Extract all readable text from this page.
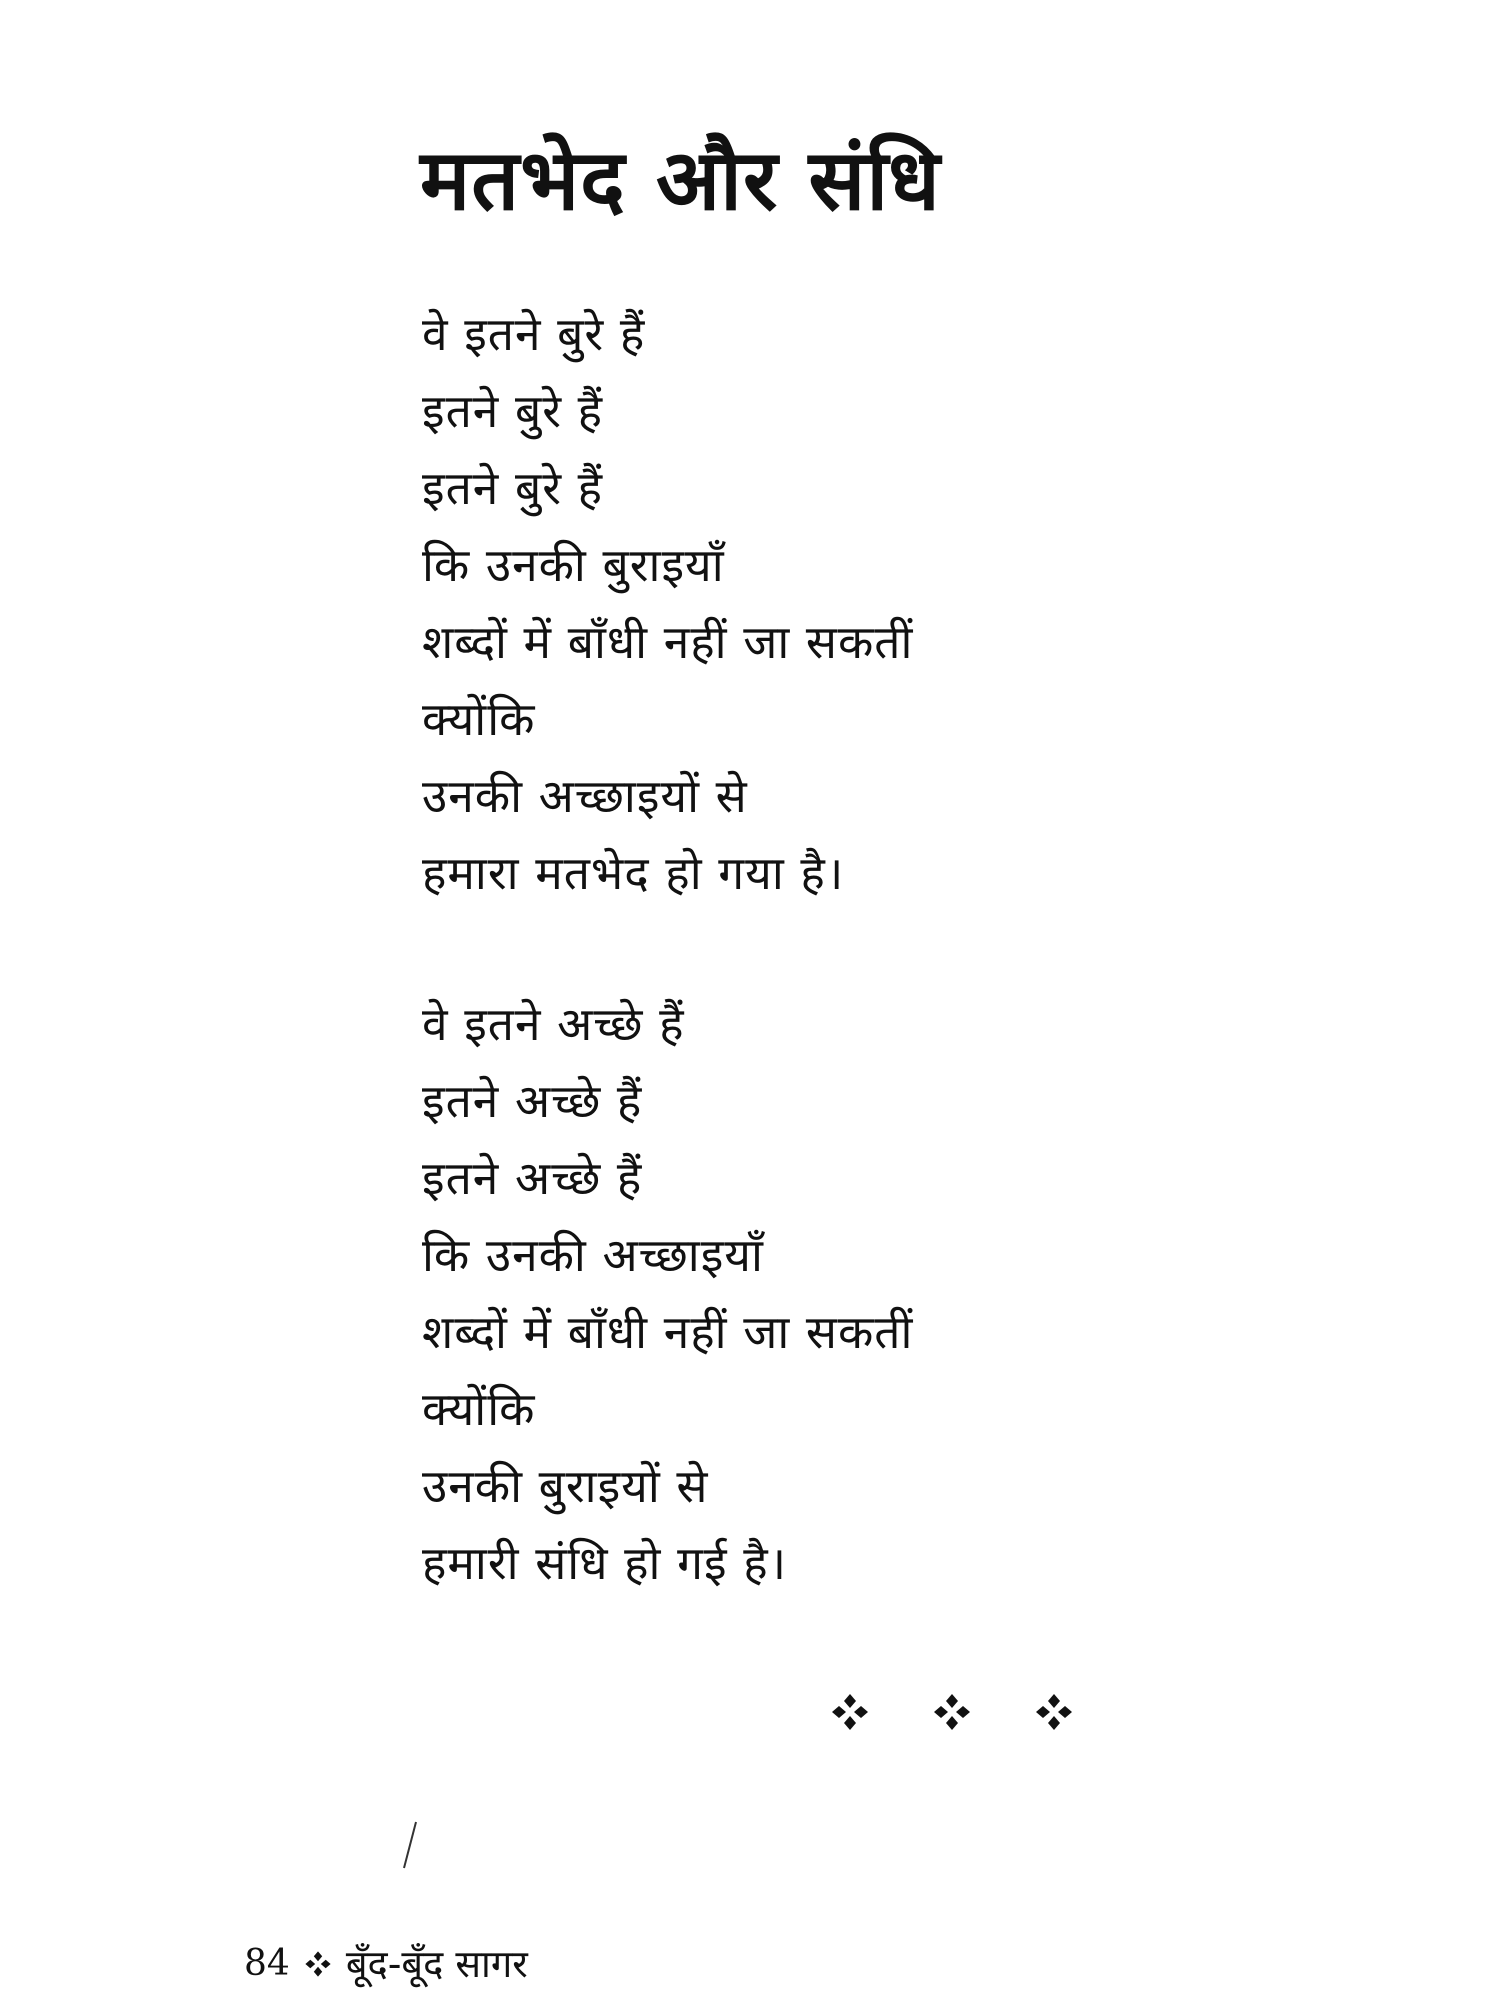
मतभेद और संधि
वे इतने बुरे हैं
इतने बुरे हैं
इतने बुरे हैं
कि उनकी बुराइयाँ
शब्दों में बाँधी नहीं जा सकतीं
क्योंकि
उनकी अच्छाइयों से
हमारा मतभेद हो गया है।
वे इतने अच्छे हैं
इतने अच्छे हैं
इतने अच्छे हैं
कि उनकी अच्छाइयाँ
शब्दों में बाँधी नहीं जा सकतीं
क्योंकि
उनकी बुराइयों से
हमारी संधि हो गई है।
84 बूँद-बूँद सागर
